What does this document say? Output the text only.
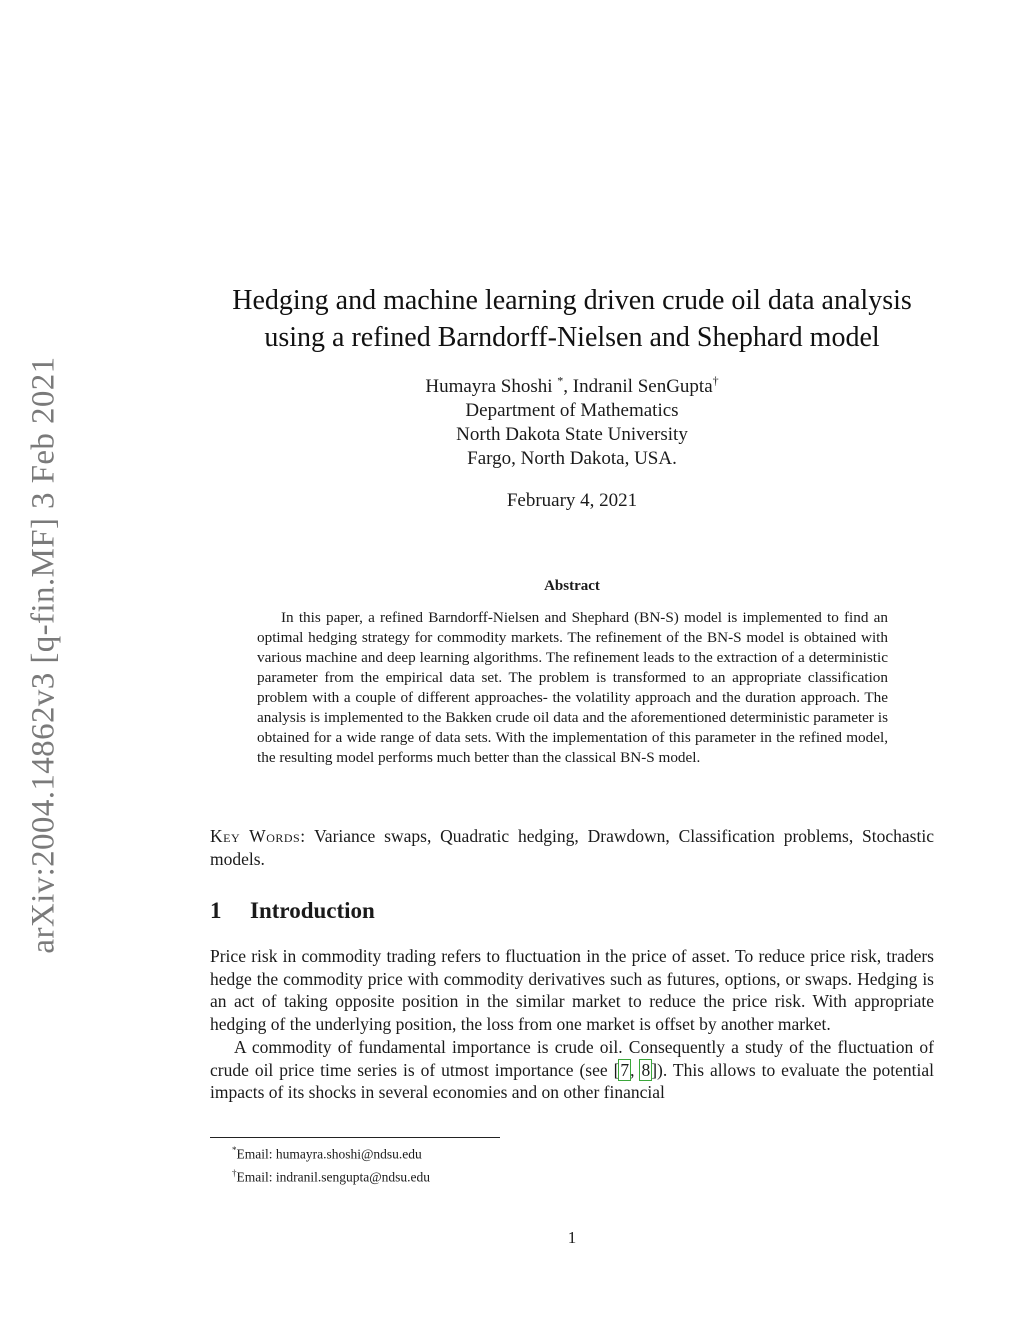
arXiv:2004.14862v3 [q-fin.MF] 3 Feb 2021
Hedging and machine learning driven crude oil data analysis
using a refined Barndorff-Nielsen and Shephard model
Humayra Shoshi *, Indranil SenGupta†
Department of Mathematics
North Dakota State University
Fargo, North Dakota, USA.
February 4, 2021
Abstract
In this paper, a refined Barndorff-Nielsen and Shephard (BN-S) model is implemented to find an optimal hedging strategy for commodity markets. The refinement of the BN-S model is obtained with various machine and deep learning algorithms. The refinement leads to the extraction of a deterministic parameter from the empirical data set. The problem is transformed to an appropriate classification problem with a couple of different approaches- the volatility approach and the duration approach. The analysis is implemented to the Bakken crude oil data and the aforementioned deterministic parameter is obtained for a wide range of data sets. With the implementation of this parameter in the refined model, the resulting model performs much better than the classical BN-S model.
Key Words: Variance swaps, Quadratic hedging, Drawdown, Classification problems, Stochastic models.
1 Introduction

Price risk in commodity trading refers to fluctuation in the price of asset. To reduce price risk, traders hedge the commodity price with commodity derivatives such as futures, options, or swaps. Hedging is an act of taking opposite position in the similar market to reduce the price risk. With appropriate hedging of the underlying position, the loss from one market is offset by another market.

A commodity of fundamental importance is crude oil. Consequently a study of the fluctuation of crude oil price time series is of utmost importance (see [7, 8]). This allows to evaluate the potential impacts of its shocks in several economies and on other financial

*Email: humayra.shoshi@ndsu.edu
†Email: indranil.sengupta@ndsu.edu
1
